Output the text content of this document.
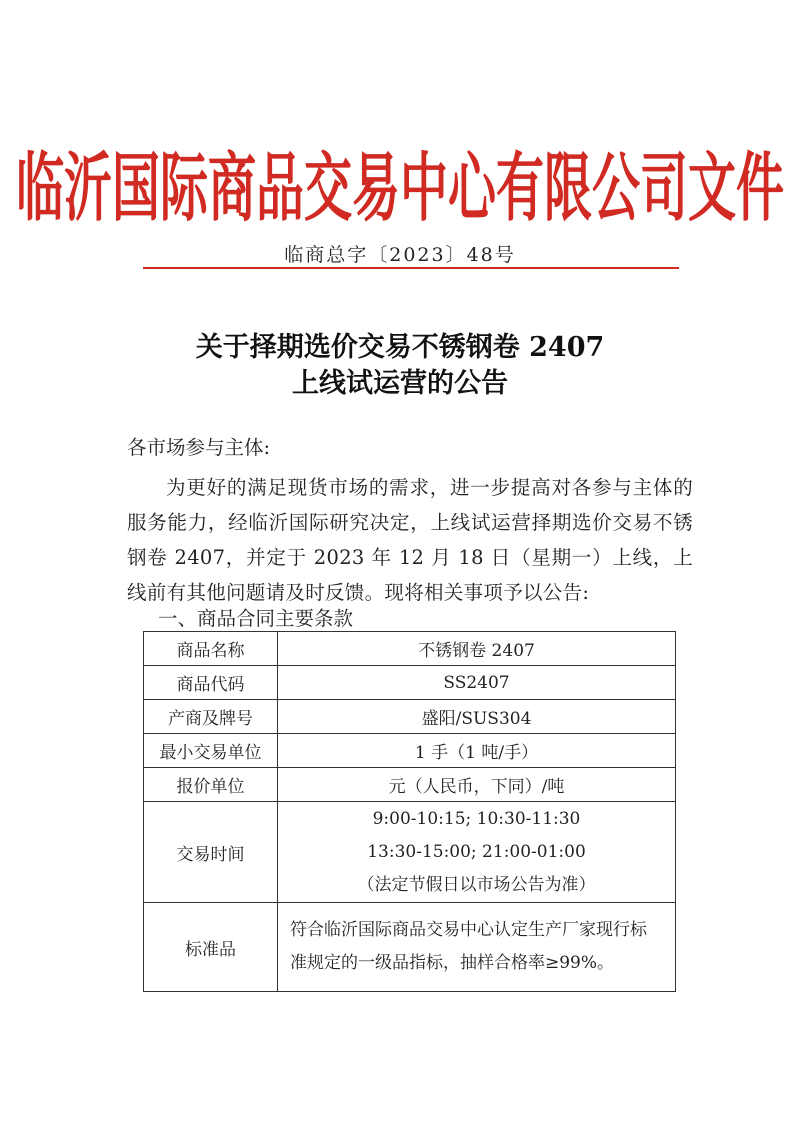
临沂国际商品交易中心有限公司文件
临商总字〔2023〕48号
关于择期选价交易不锈钢卷 2407
上线试运营的公告
各市场参与主体:
为更好的满足现货市场的需求，进一步提高对各参与主体的服务能力，经临沂国际研究决定，上线试运营择期选价交易不锈钢卷 2407，并定于 2023 年 12 月 18 日（星期一）上线，上线前有其他问题请及时反馈。现将相关事项予以公告:
一、商品合同主要条款
商品名称	不锈钢卷 2407
商品代码	SS2407
产商及牌号	盛阳/SUS304
最小交易单位	1 手（1 吨/手）
报价单位	元（人民币，下同）/吨
交易时间	9:00-10:15; 10:30-11:30
13:30-15:00; 21:00-01:00
（法定节假日以市场公告为准）

标准品	符合临沂国际商品交易中心认定生产厂家现行标准规定的一级品指标，抽样合格率≥99%。
